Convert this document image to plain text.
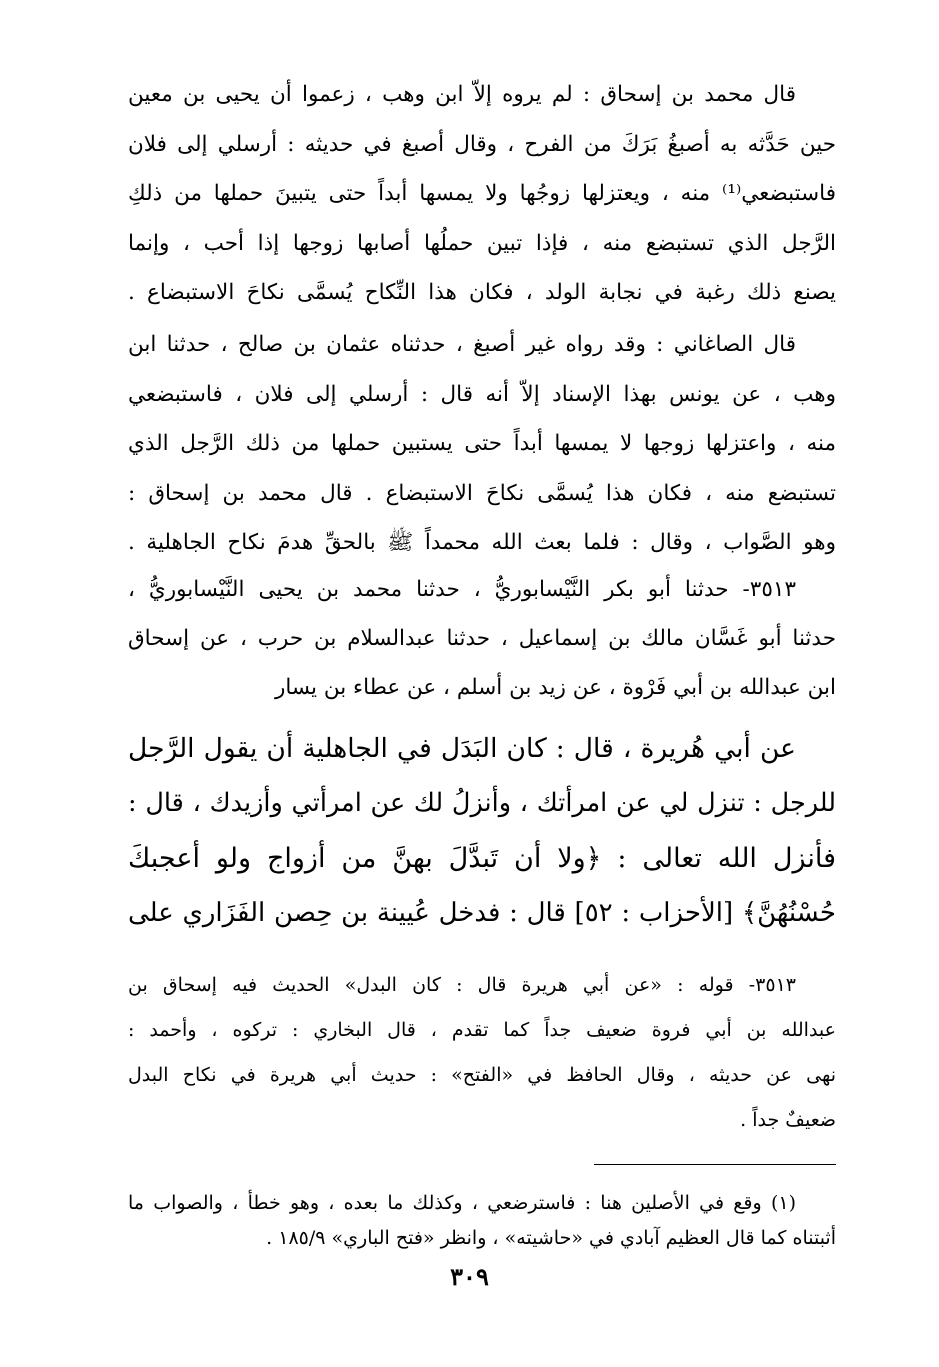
قال محمد بن إسحاق : لم يروه إلاّ ابن وهب ، زعموا أن يحيى بن معين
حين حَدَّثه به أصبغُ بَرَكَ من الفرح ، وقال أصبغ في حديثه : أرسلي إلى فلان
فاستبضعي⁽¹⁾ منه ، ويعتزلها زوجُها ولا يمسها أبداً حتى يتبينَ حملها من ذلكِ
الرَّجل الذي تستبضع منه ، فإذا تبين حملُها أصابها زوجها إذا أحب ، وإنما
يصنع ذلك رغبة في نجابة الولد ، فكان هذا النِّكاح يُسمَّى نكاحَ الاستبضاع .
قال الصاغاني : وقد رواه غير أصبغ ، حدثناه عثمان بن صالح ، حدثنا ابن
وهب ، عن يونس بهذا الإسناد إلاّ أنه قال : أرسلي إلى فلان ، فاستبضعي
منه ، واعتزلها زوجها لا يمسها أبداً حتى يستبين حملها من ذلك الرَّجل الذي
تستبضع منه ، فكان هذا يُسمَّى نكاحَ الاستبضاع . قال محمد بن إسحاق :
وهو الصَّواب ، وقال : فلما بعث الله محمداً ﷺ بالحقِّ هدمَ نكاح الجاهلية .
٣٥١٣- حدثنا أبو بكر النَّيْسابوريُّ ، حدثنا محمد بن يحيى النَّيْسابوريُّ ،
حدثنا أبو غَسَّان مالك بن إسماعيل ، حدثنا عبدالسلام بن حرب ، عن إسحاق
ابن عبدالله بن أبي فَرْوة ، عن زيد بن أسلم ، عن عطاء بن يسار
عن أبي هُريرة ، قال : كان البَدَل في الجاهلية أن يقول الرَّجل
للرجل : تنزل لي عن امرأتك ، وأنزلُ لك عن امرأتي وأزيدك ، قال :
فأنزل الله تعالى : ﴿ولا أن تَبدَّلَ بهنَّ من أزواج ولو أعجبكَ
حُسْنُهُنَّ﴾ [الأحزاب : ٥٢] قال : فدخل عُيينة بن حِصن الفَزَاري على
٣٥١٣- قوله : «عن أبي هريرة قال : كان البدل» الحديث فيه إسحاق بن
عبدالله بن أبي فروة ضعيف جداً كما تقدم ، قال البخاري : تركوه ، وأحمد :
نهى عن حديثه ، وقال الحافظ في «الفتح» : حديث أبي هريرة في نكاح البدل
ضعيفٌ جداً .
(١) وقع في الأصلين هنا : فاسترضعي ، وكذلك ما بعده ، وهو خطأ ، والصواب ما
أثبتناه كما قال العظيم آبادي في «حاشيته» ، وانظر «فتح الباري» ١٨٥/٩ .
٣٠٩
